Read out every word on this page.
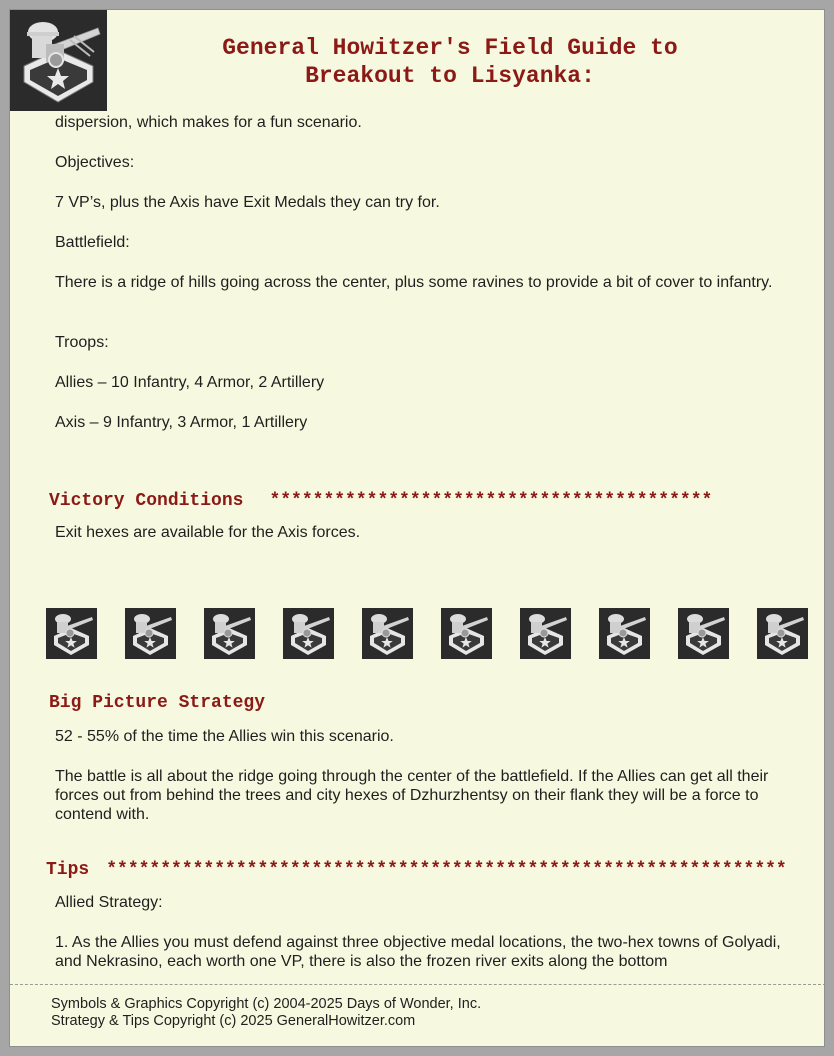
General Howitzer's Field Guide to
Breakout to Lisyanka:
dispersion, which makes for a fun scenario.
Objectives:
7 VP’s, plus the Axis have Exit Medals they can try for.
Battlefield:
There is a ridge of hills going across the center, plus some ravines to provide a bit of cover to infantry.
Troops:
Allies – 10 Infantry, 4 Armor, 2 Artillery
Axis – 9 Infantry, 3 Armor, 1 Artillery
Victory Conditions *****************************************
Exit hexes are available for the Axis forces.
Big Picture Strategy
52 - 55% of the time the Allies win this scenario.
The battle is all about the ridge going through the center of the battlefield. If the Allies can get all their forces out from behind the trees and city hexes of Dzhurzhentsy on their flank they will be a force to contend with.
Tips ***************************************************************
Allied Strategy:
1. As the Allies you must defend against three objective medal locations, the two-hex towns of Golyadi, and Nekrasino, each worth one VP, there is also the frozen river exits along the bottom
Symbols & Graphics Copyright (c) 2004-2025 Days of Wonder, Inc.
Strategy & Tips Copyright (c) 2025 GeneralHowitzer.com
